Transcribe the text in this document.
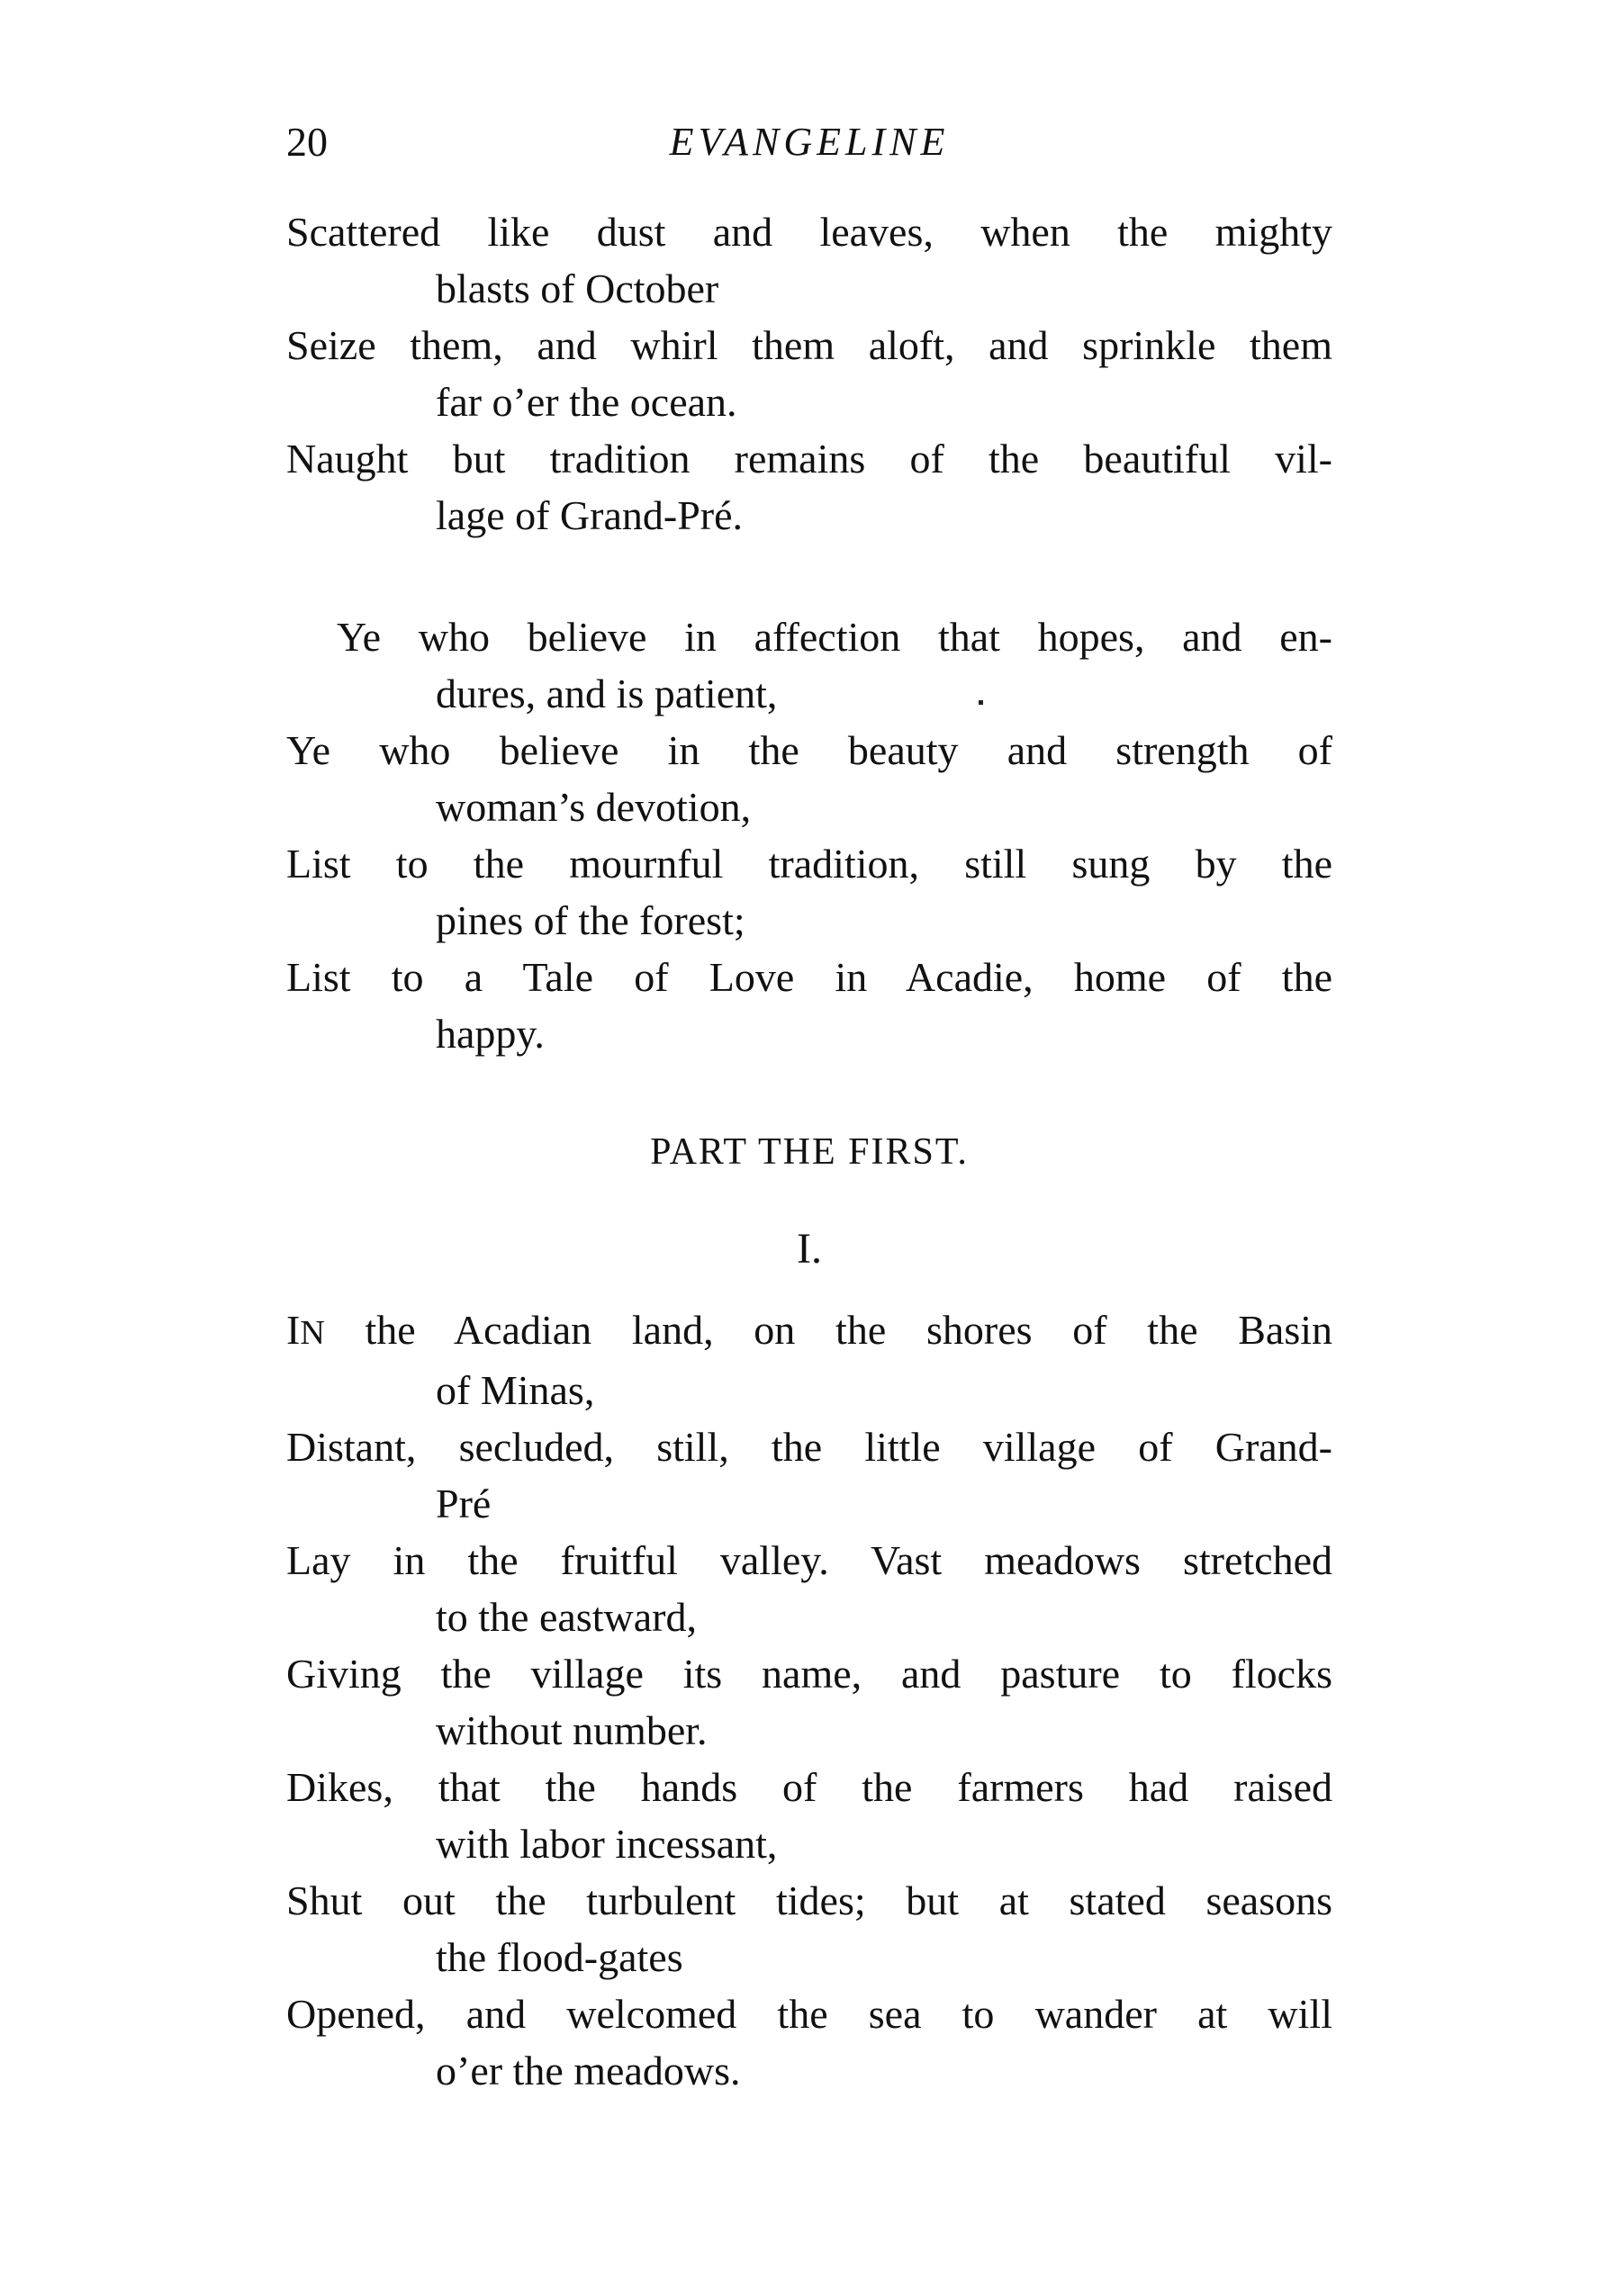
20	EVANGELINE

Scattered like dust and leaves, when the mighty
blasts of October

Seize them, and whirl them aloft, and sprinkle them
far o’er the ocean.

Naught but tradition remains of the beautiful vil-
lage of Grand-Pré.

Ye who believe in affection that hopes, and en-
dures, and is patient,

Ye who believe in the beauty and strength of
woman’s devotion,

List to the mournful tradition, still sung by the
pines of the forest;

List to a Tale of Love in Acadie, home of the
happy.

PART THE FIRST.
I.

IN the Acadian land, on the shores of the Basin
of Minas,

Distant, secluded, still, the little village of Grand-
Pré

Lay in the fruitful valley. Vast meadows stretched
to the eastward,

Giving the village its name, and pasture to flocks
without number.

Dikes, that the hands of the farmers had raised
with labor incessant,

Shut out the turbulent tides; but at stated seasons
the flood-gates

Opened, and welcomed the sea to wander at will
o’er the meadows.
